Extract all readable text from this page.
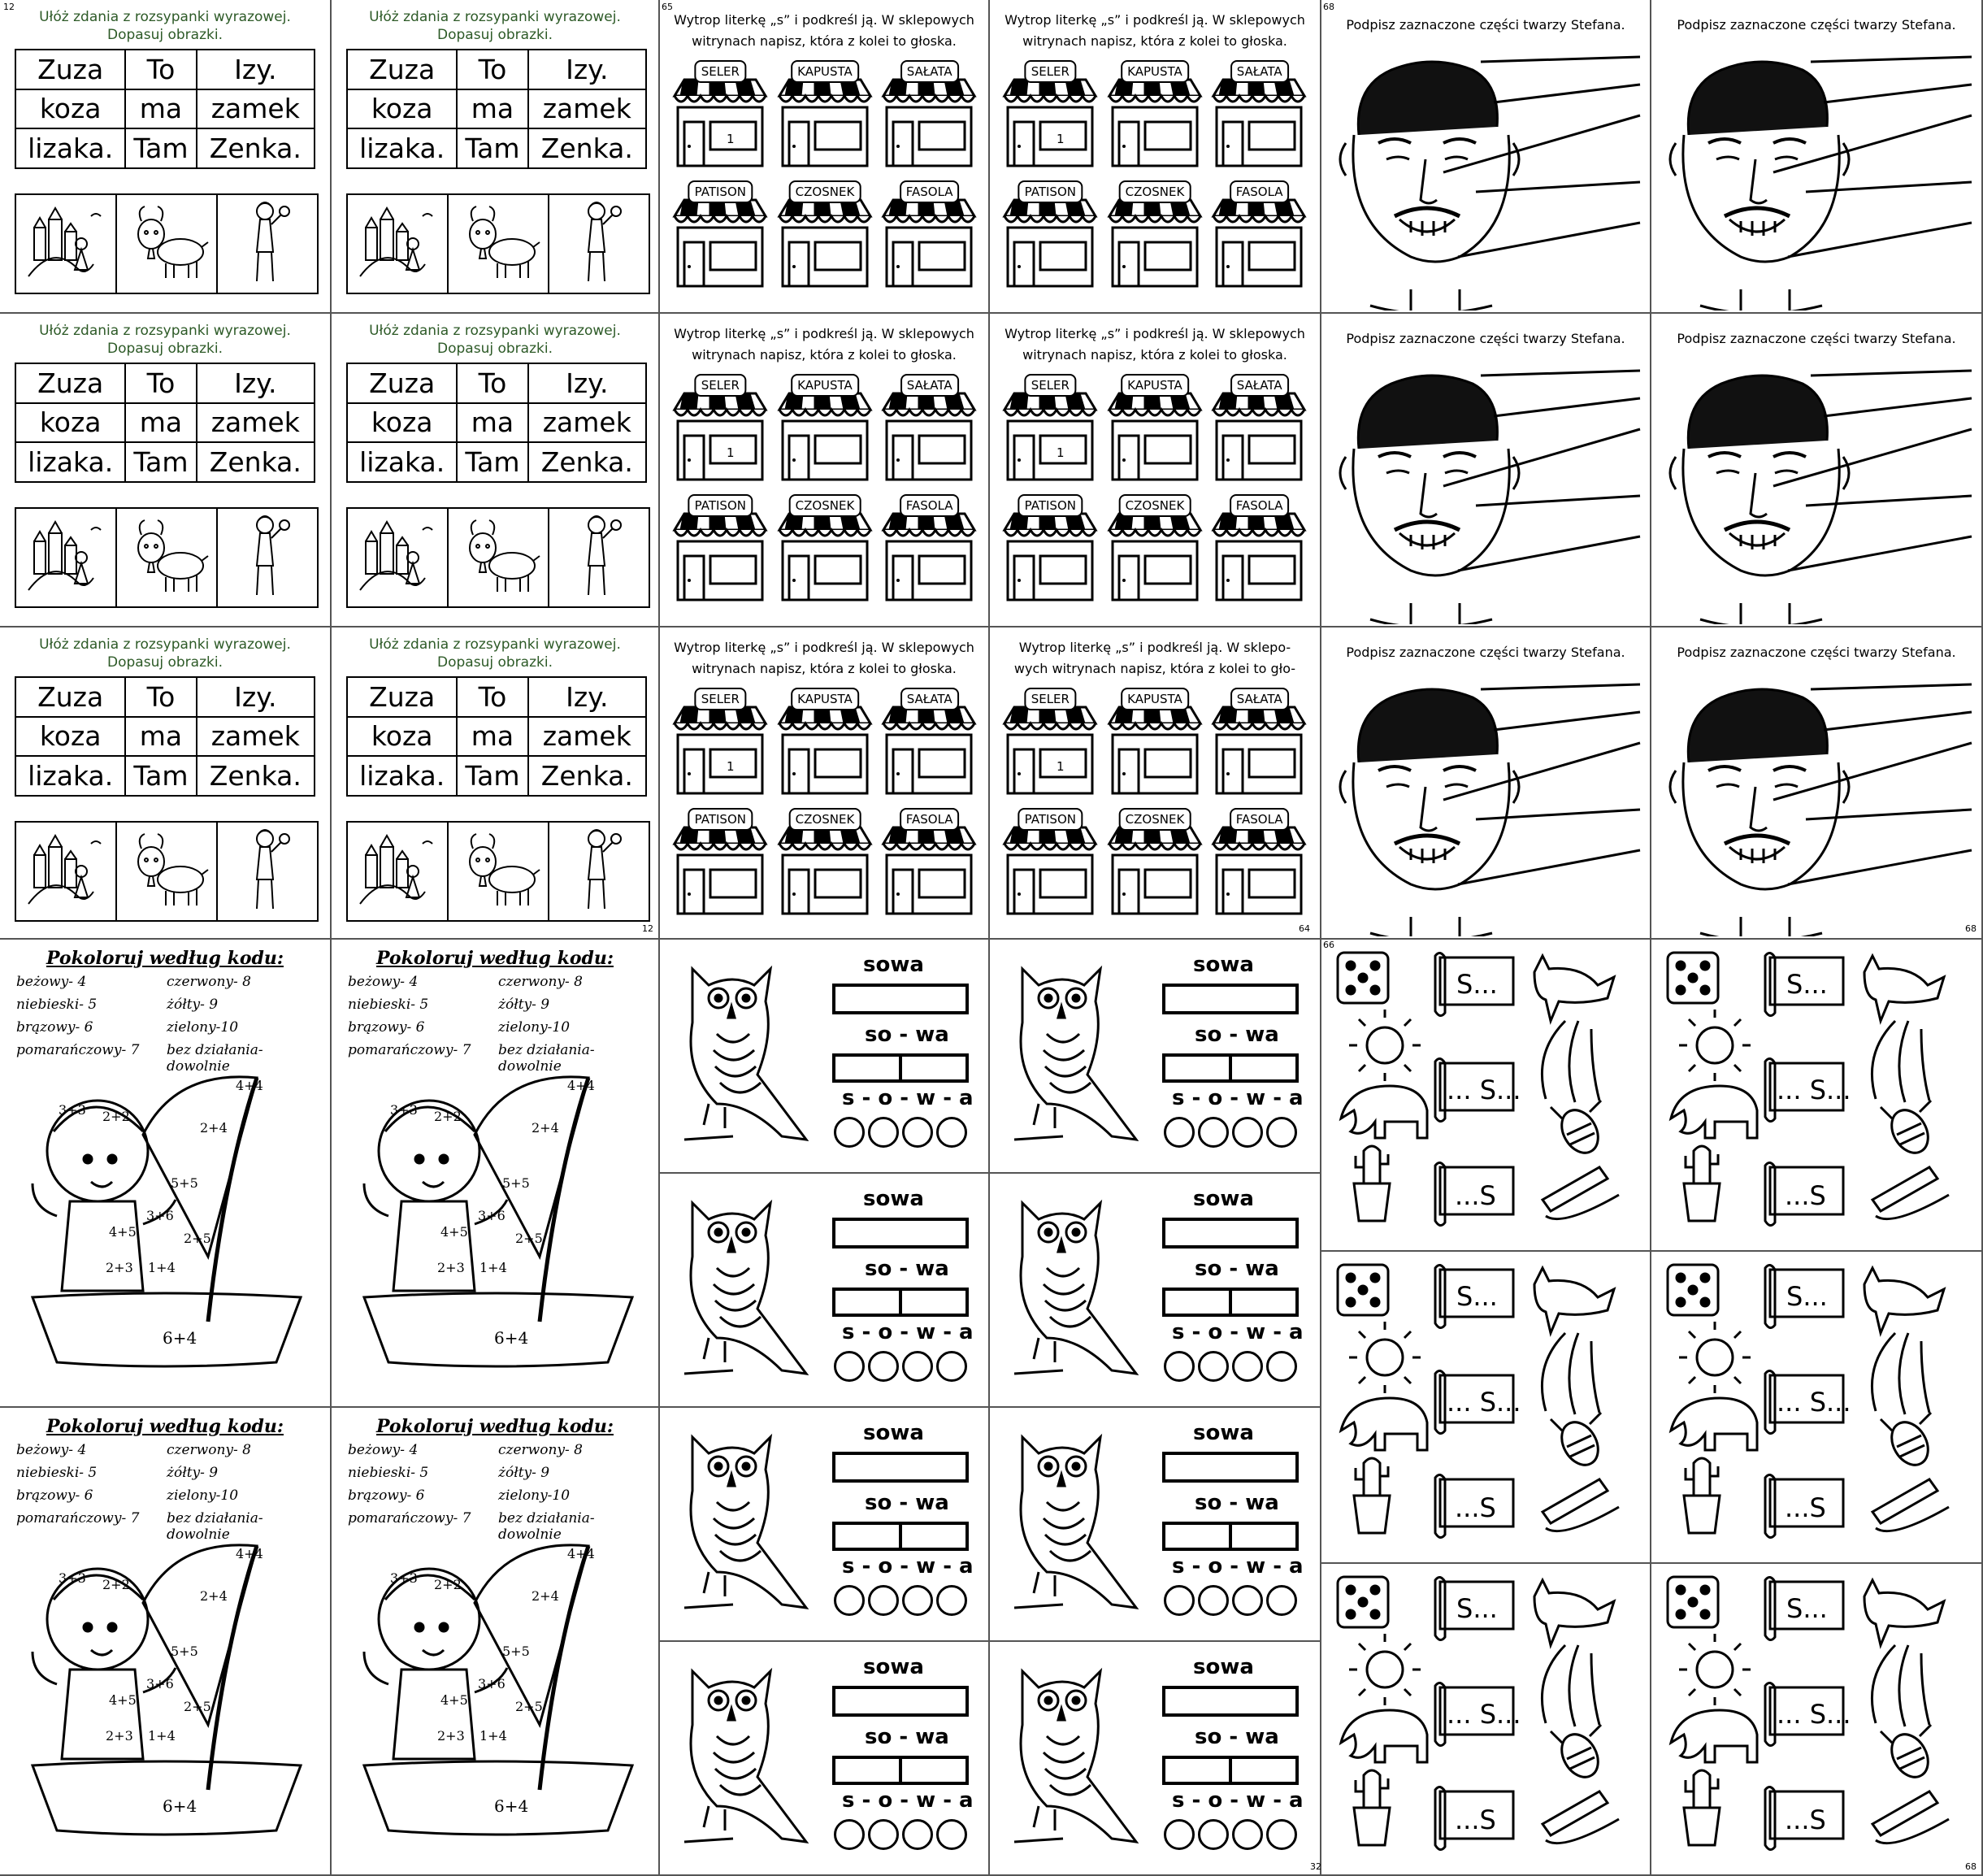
Ułóż zdania z rozsypanki wyrazowej.
Dopasuj obrazki.
Zuza	To	Izy.
koza	ma	zamek
lizaka.	Tam	Zenka.
Ułóż zdania z rozsypanki wyrazowej.
Dopasuj obrazki.
Zuza	To	Izy.
koza	ma	zamek
lizaka.	Tam	Zenka.
Ułóż zdania z rozsypanki wyrazowej.
Dopasuj obrazki.
Zuza	To	Izy.
koza	ma	zamek
lizaka.	Tam	Zenka.
Ułóż zdania z rozsypanki wyrazowej.
Dopasuj obrazki.
Zuza	To	Izy.
koza	ma	zamek
lizaka.	Tam	Zenka.
Ułóż zdania z rozsypanki wyrazowej.
Dopasuj obrazki.
Zuza	To	Izy.
koza	ma	zamek
lizaka.	Tam	Zenka.
Ułóż zdania z rozsypanki wyrazowej.
Dopasuj obrazki.
Zuza	To	Izy.
koza	ma	zamek
lizaka.	Tam	Zenka.
Wytrop literkę „s” i podkreśl ją. W sklepowych
witrynach napisz, która z kolei to głoska.
SELER
1
KAPUSTA	SAŁATA
PATISON	CZOSNEK	FASOLA
Wytrop literkę „s” i podkreśl ją. W sklepowych
witrynach napisz, która z kolei to głoska.
SELER
1
KAPUSTA	SAŁATA
PATISON	CZOSNEK	FASOLA
Wytrop literkę „s” i podkreśl ją. W sklepowych
witrynach napisz, która z kolei to głoska.
SELER
1
KAPUSTA	SAŁATA
PATISON	CZOSNEK	FASOLA
Wytrop literkę „s” i podkreśl ją. W sklepowych
witrynach napisz, która z kolei to głoska.
SELER
1
KAPUSTA	SAŁATA
PATISON	CZOSNEK	FASOLA
Wytrop literkę „s” i podkreśl ją. W sklepowych
witrynach napisz, która z kolei to głoska.
SELER
1
KAPUSTA	SAŁATA
PATISON	CZOSNEK	FASOLA
Wytrop literkę „s” i podkreśl ją. W sklepo-
wych witrynach napisz, która z kolei to gło-
SELER
1
KAPUSTA	SAŁATA
PATISON	CZOSNEK	FASOLA
Podpisz zaznaczone części twarzy Stefana.	Podpisz zaznaczone części twarzy Stefana.
Podpisz zaznaczone części twarzy Stefana.	Podpisz zaznaczone części twarzy Stefana.
Podpisz zaznaczone części twarzy Stefana.	Podpisz zaznaczone części twarzy Stefana.
Pokoloruj według kodu:
beżowy- 4	czerwony- 8
niebieski- 5	żółty- 9
brązowy- 6	zielony-10
pomarańczowy- 7	bez działania- dowolnie
4+4
3+3 2+2
2+4
5+5
3+6
4+5	2+5
2+3 1+4
6+4
Pokoloruj według kodu:
beżowy- 4	czerwony- 8
niebieski- 5	żółty- 9
brązowy- 6	zielony-10
pomarańczowy- 7	bez działania- dowolnie
4+4
3+3 2+2
2+4
5+5
3+6
4+5	2+5
2+3 1+4
6+4
Pokoloruj według kodu:
beżowy- 4	czerwony- 8
niebieski- 5	żółty- 9
brązowy- 6	zielony-10
pomarańczowy- 7	bez działania- dowolnie
4+4
3+3 2+2
2+4
5+5
3+6
4+5	2+5
2+3 1+4
6+4
Pokoloruj według kodu:
beżowy- 4	czerwony- 8
niebieski- 5	żółty- 9
brązowy- 6	zielony-10
pomarańczowy- 7	bez działania- dowolnie
4+4
3+3 2+2
2+4
5+5
3+6
4+5	2+5
2+3 1+4
6+4
sowa
so - wa
s - o - w - a
sowa
so - wa
s - o - w - a
sowa
so - wa
s - o - w - a
sowa
so - wa
s - o - w - a
sowa
so - wa
s - o - w - a
sowa
so - wa
s - o - w - a
sowa
so - wa
s - o - w - a
sowa
so - wa
s - o - w - a
S...
... S...
...S
S...
... S...
...S
S...
... S...
...S
S...
... S...
...S
S...
... S...
...S
S...
... S...
...S
12	65	68
64
12
66
32
68
68
